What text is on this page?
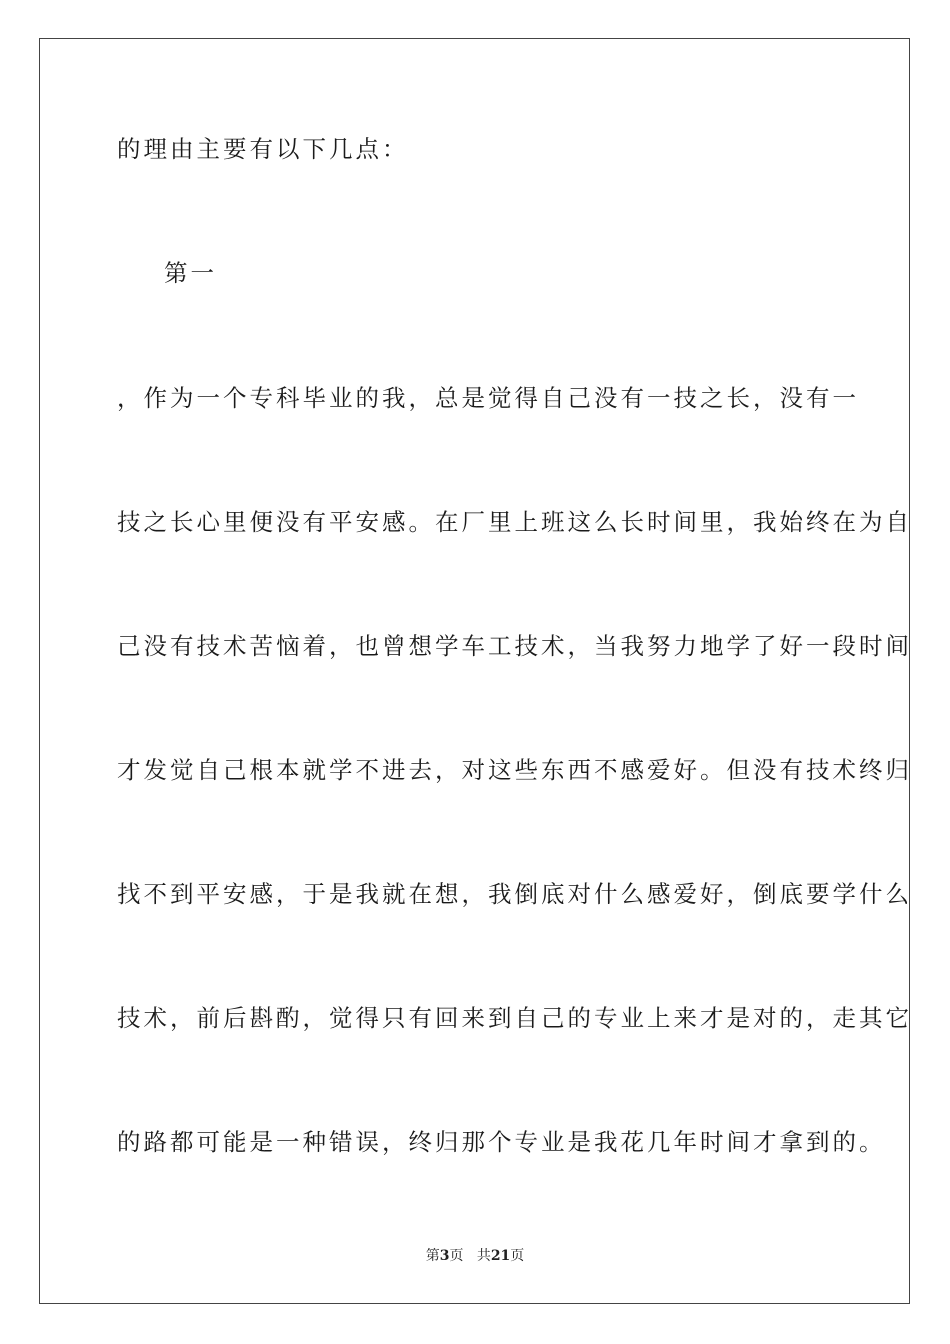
的理由主要有以下几点：
第一
，作为一个专科毕业的我，总是觉得自己没有一技之长，没有一
技之长心里便没有平安感。在厂里上班这么长时间里，我始终在为自
己没有技术苦恼着，也曾想学车工技术，当我努力地学了好一段时间
才发觉自己根本就学不进去，对这些东西不感爱好。但没有技术终归
找不到平安感，于是我就在想，我倒底对什么感爱好，倒底要学什么
技术，前后斟酌，觉得只有回来到自己的专业上来才是对的，走其它
的路都可能是一种错误，终归那个专业是我花几年时间才拿到的。
第3页 共21页
